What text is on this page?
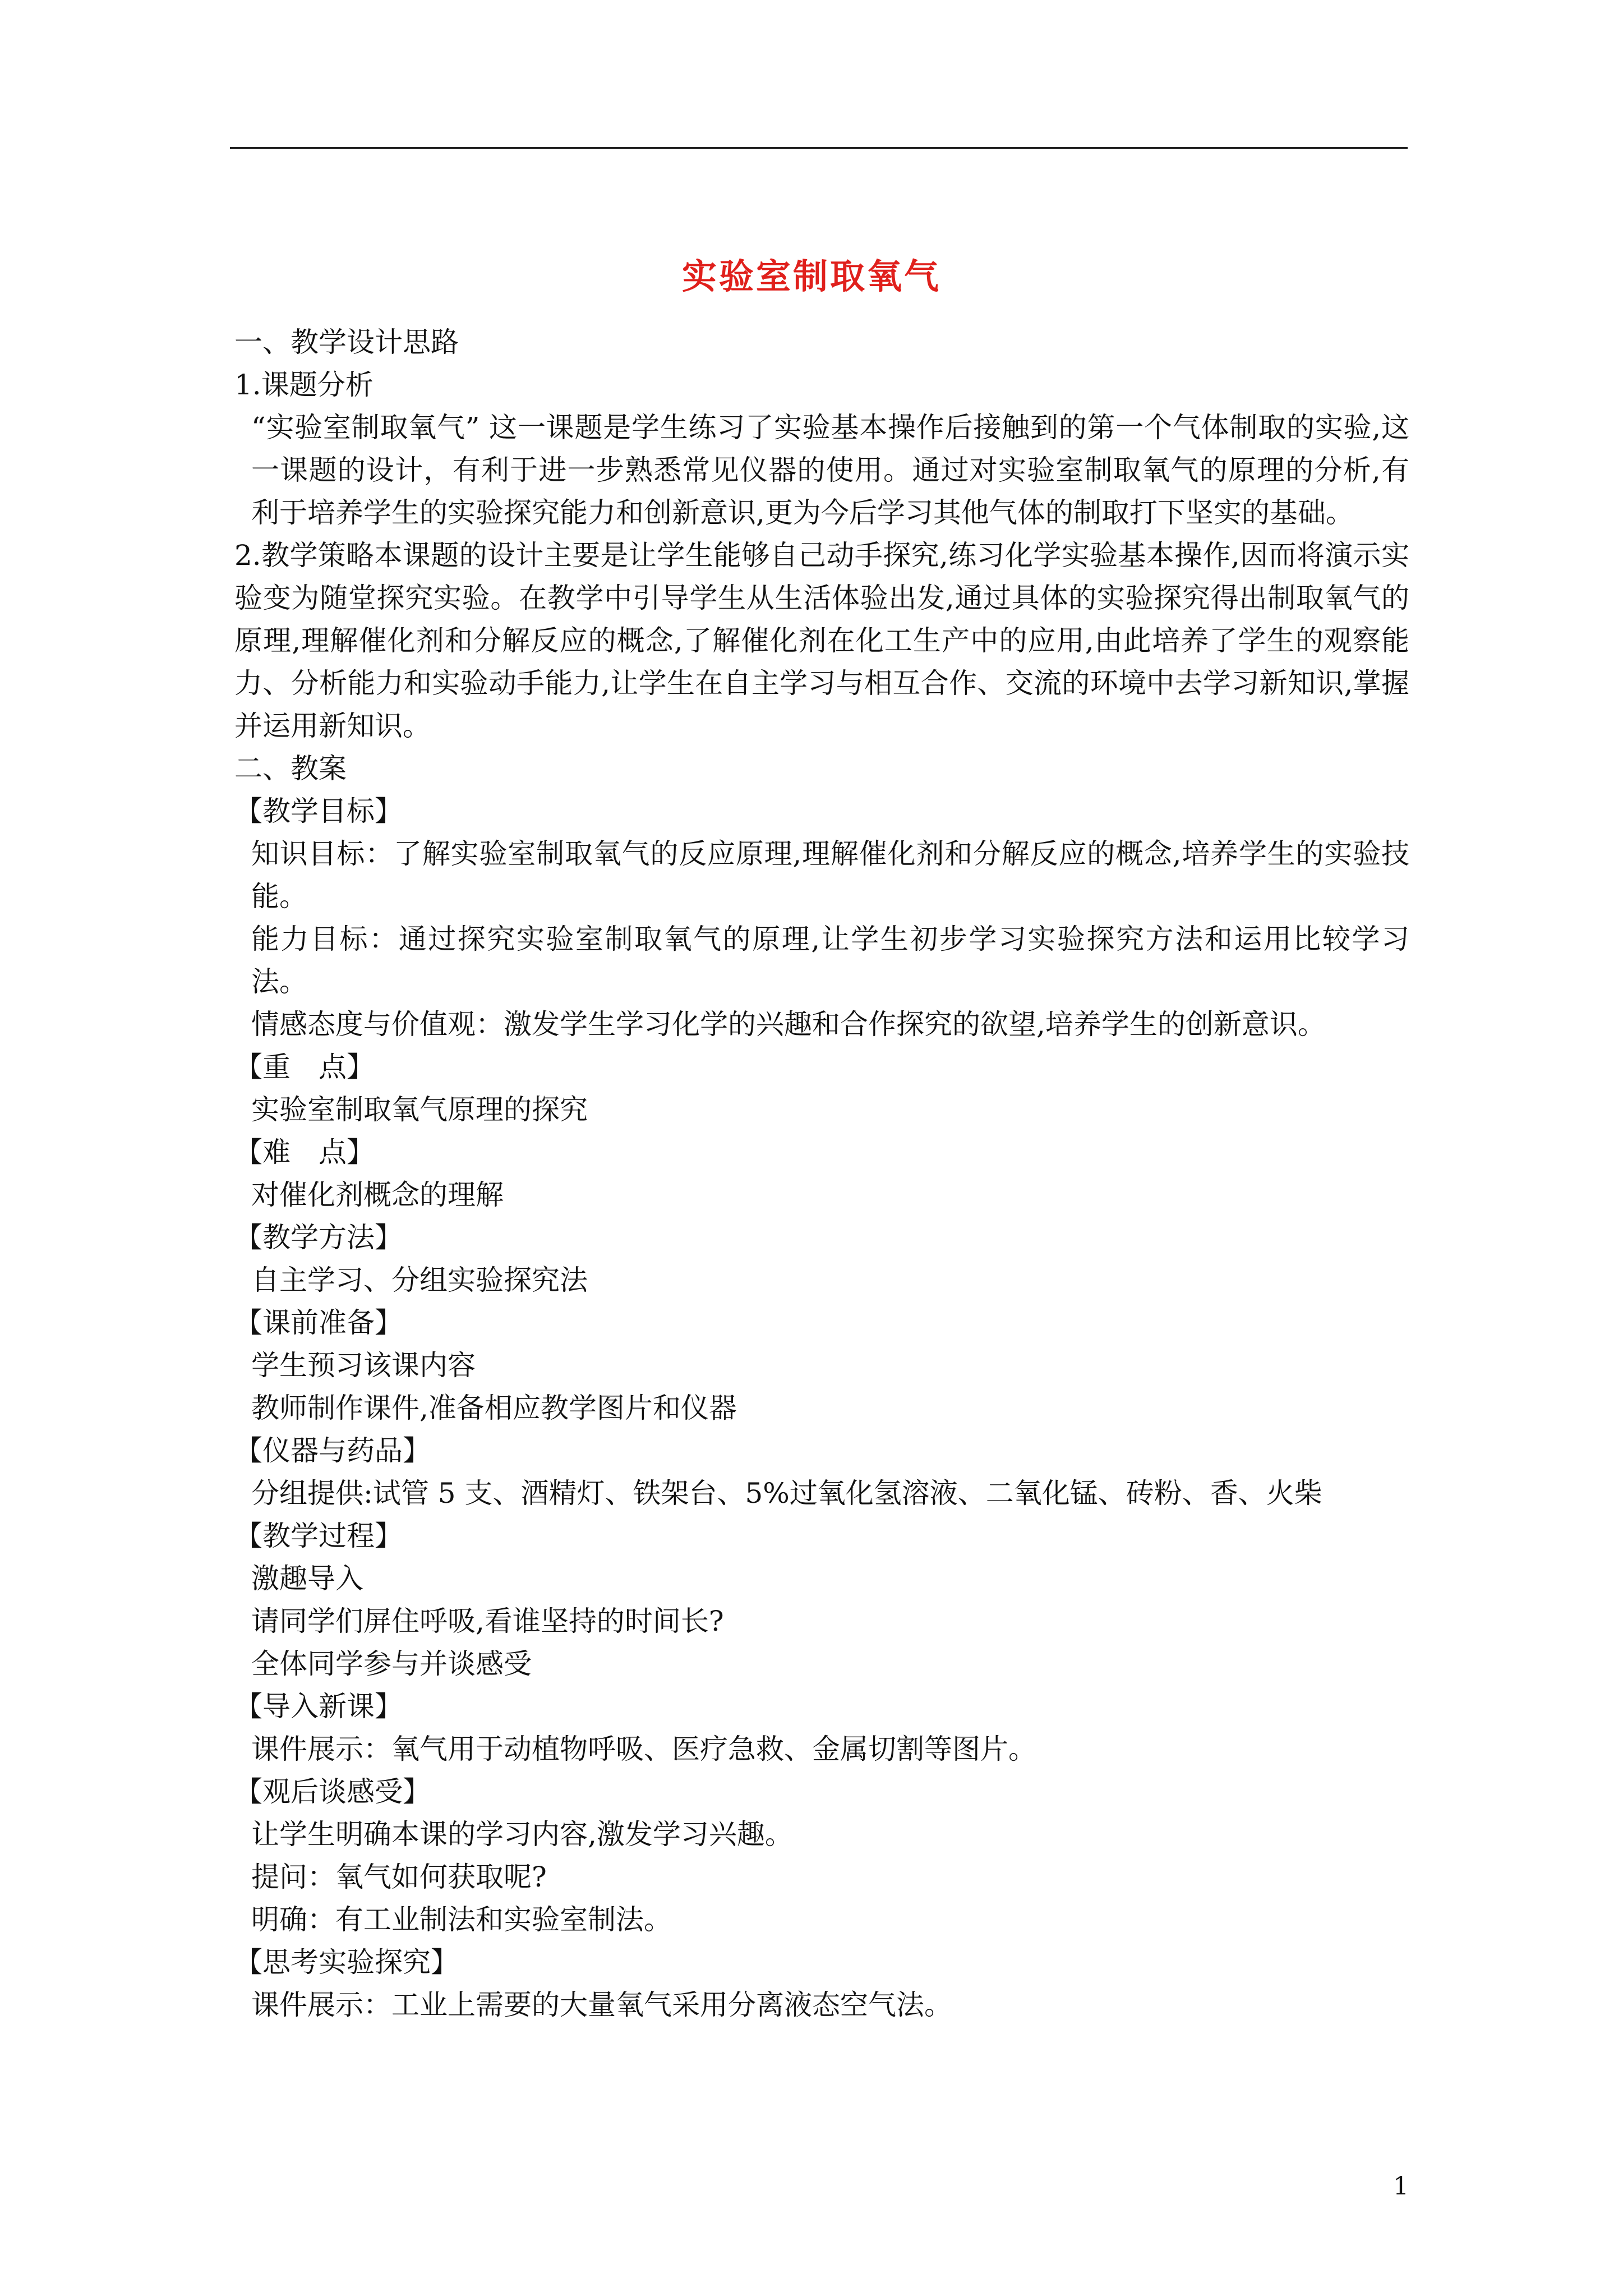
实验室制取氧气
一、教学设计思路
1.课题分析
“实验室制取氧气” 这一课题是学生练习了实验基本操作后接触到的第一个气体制取的实验,这一课题的设计，有利于进一步熟悉常见仪器的使用。通过对实验室制取氧气的原理的分析,有利于培养学生的实验探究能力和创新意识,更为今后学习其他气体的制取打下坚实的基础。
2.教学策略本课题的设计主要是让学生能够自己动手探究,练习化学实验基本操作,因而将演示实验变为随堂探究实验。在教学中引导学生从生活体验出发,通过具体的实验探究得出制取氧气的原理,理解催化剂和分解反应的概念,了解催化剂在化工生产中的应用,由此培养了学生的观察能力、分析能力和实验动手能力,让学生在自主学习与相互合作、交流的环境中去学习新知识,掌握并运用新知识。
二、教案
【教学目标】
知识目标：了解实验室制取氧气的反应原理,理解催化剂和分解反应的概念,培养学生的实验技能。
能力目标：通过探究实验室制取氧气的原理,让学生初步学习实验探究方法和运用比较学习法。
情感态度与价值观：激发学生学习化学的兴趣和合作探究的欲望,培养学生的创新意识。
【重　点】
实验室制取氧气原理的探究
【难　点】
对催化剂概念的理解
【教学方法】
自主学习、分组实验探究法
【课前准备】
学生预习该课内容
教师制作课件,准备相应教学图片和仪器
【仪器与药品】
分组提供:试管 5 支、酒精灯、铁架台、5%过氧化氢溶液、二氧化锰、砖粉、香、火柴
【教学过程】
激趣导入
请同学们屏住呼吸,看谁坚持的时间长?
全体同学参与并谈感受
【导入新课】
课件展示：氧气用于动植物呼吸、医疗急救、金属切割等图片。
【观后谈感受】
让学生明确本课的学习内容,激发学习兴趣。
提问：氧气如何获取呢?
明确：有工业制法和实验室制法。
【思考实验探究】
课件展示：工业上需要的大量氧气采用分离液态空气法。
1
